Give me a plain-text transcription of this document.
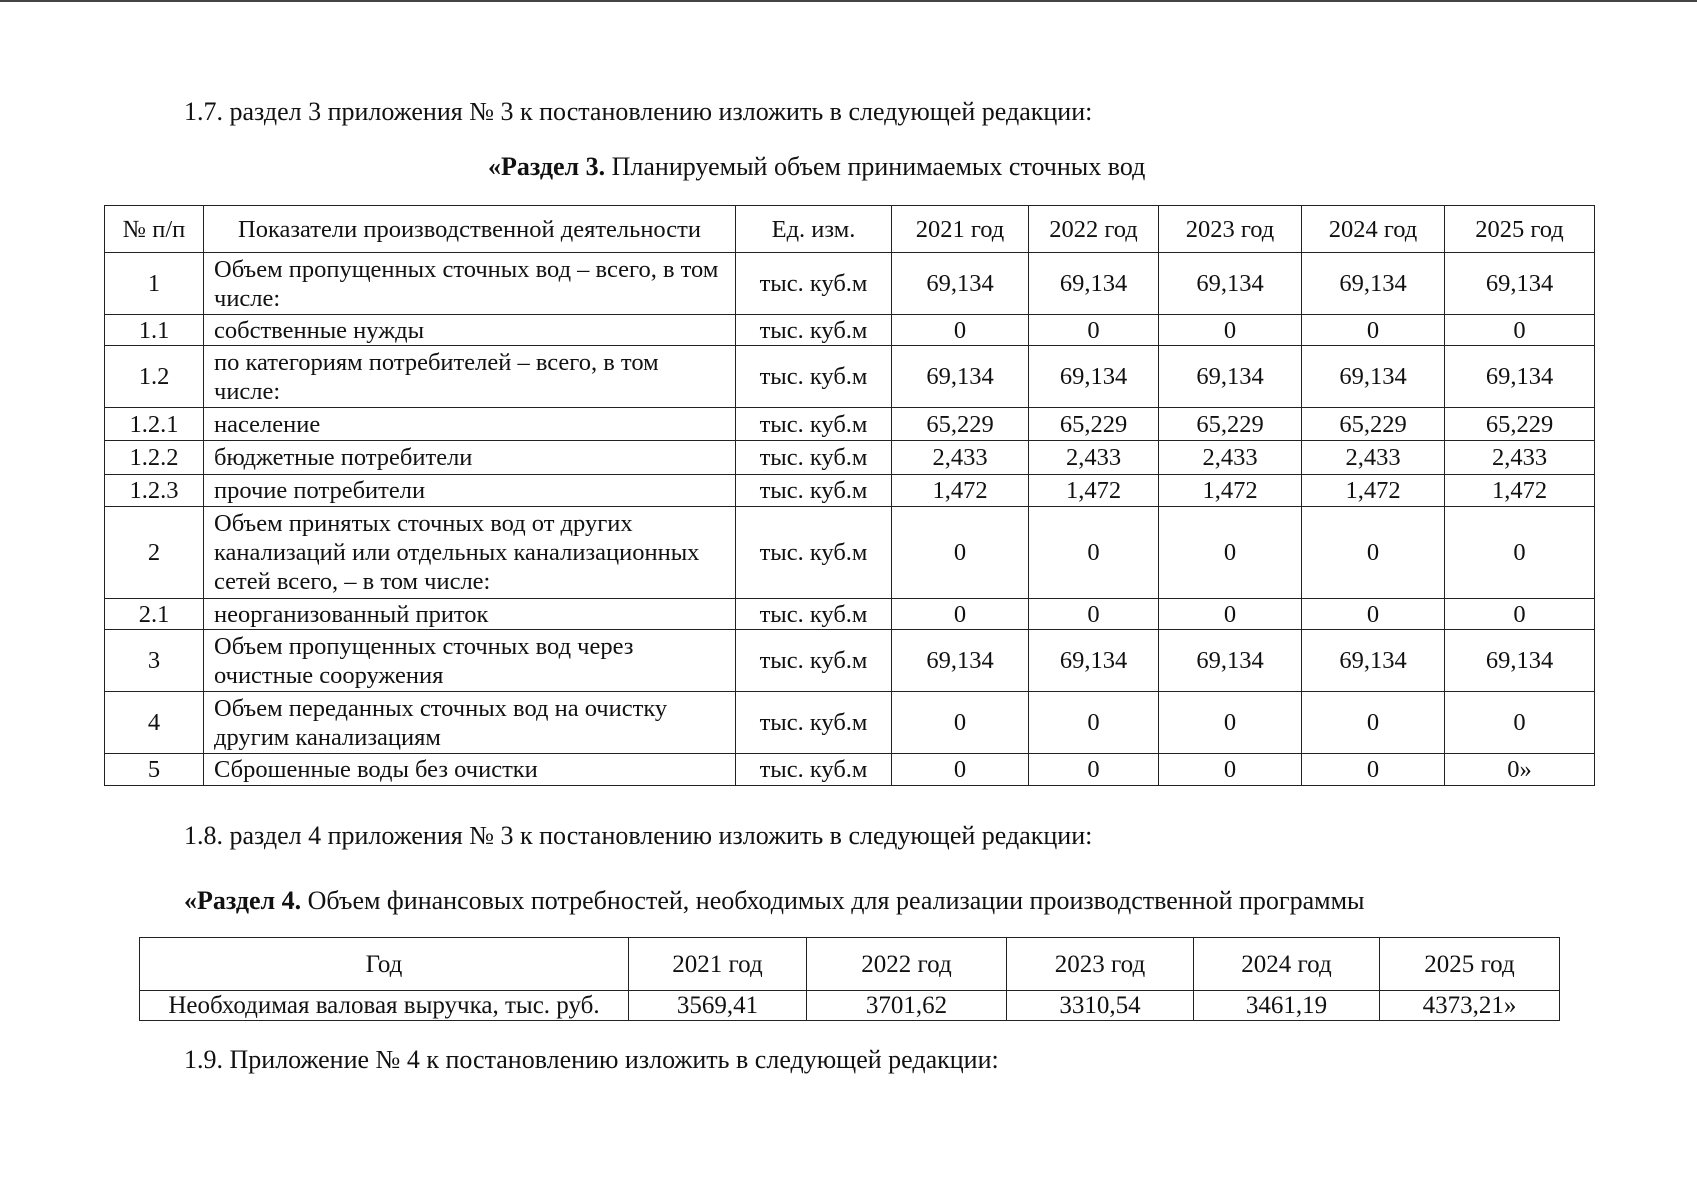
1.7. раздел 3 приложения № 3 к постановлению изложить в следующей редакции:
«Раздел 3. Планируемый объем принимаемых сточных вод
№ п/п	Показатели производственной деятельности	Ед. изм.	2021 год	2022 год	2023 год	2024 год	2025 год
1	Объем пропущенных сточных вод – всего, в том числе:	тыс. куб.м	69,134	69,134	69,134	69,134	69,134
1.1	собственные нужды	тыс. куб.м	0	0	0	0	0
1.2	по категориям потребителей – всего, в том числе:	тыс. куб.м	69,134	69,134	69,134	69,134	69,134
1.2.1	население	тыс. куб.м	65,229	65,229	65,229	65,229	65,229
1.2.2	бюджетные потребители	тыс. куб.м	2,433	2,433	2,433	2,433	2,433
1.2.3	прочие потребители	тыс. куб.м	1,472	1,472	1,472	1,472	1,472
2	Объем принятых сточных вод от других канализаций или отдельных канализационных сетей всего, – в том числе:	тыс. куб.м	0	0	0	0	0
2.1	неорганизованный приток	тыс. куб.м	0	0	0	0	0
3	Объем пропущенных сточных вод через очистные сооружения	тыс. куб.м	69,134	69,134	69,134	69,134	69,134
4	Объем переданных сточных вод на очистку другим канализациям	тыс. куб.м	0	0	0	0	0
5	Сброшенные воды без очистки	тыс. куб.м	0	0	0	0	0»
1.8. раздел 4 приложения № 3 к постановлению изложить в следующей редакции:
«Раздел 4. Объем финансовых потребностей, необходимых для реализации производственной программы
Год	2021 год	2022 год	2023 год	2024 год	2025 год
Необходимая валовая выручка, тыс. руб.	3569,41	3701,62	3310,54	3461,19	4373,21»
1.9. Приложение № 4 к постановлению изложить в следующей редакции:
